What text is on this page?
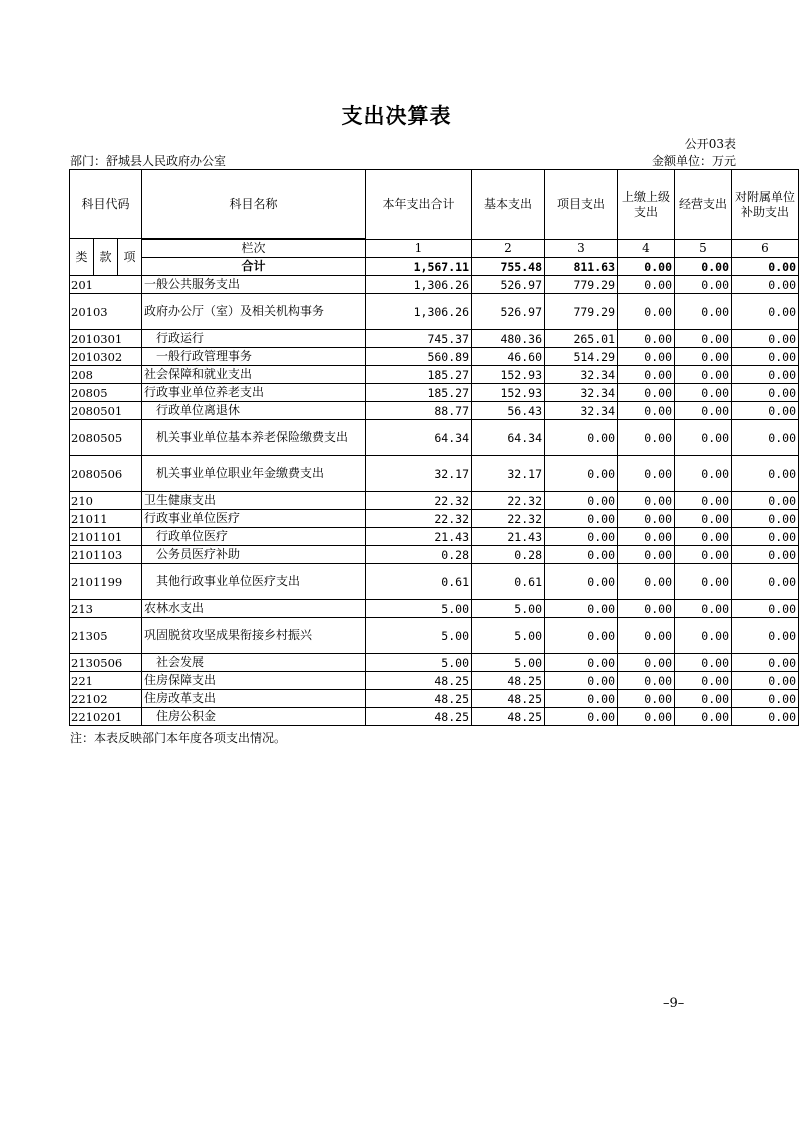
支出决算表
公开03表
部门：舒城县人民政府办公室	金额单位：万元
科目代码			科目名称	本年支出合计	基本支出	项目支出	上缴上级支出	经营支出	对附属单位补助支出
类	款	项							
			栏次	1	2	3	4	5	6
			合计	1,567.11	755.48	811.63	0.00	0.00	0.00
201			一般公共服务支出	1,306.26	526.97	779.29	0.00	0.00	0.00
20103			政府办公厅（室）及相关机构事务	1,306.26	526.97	779.29	0.00	0.00	0.00
2010301			行政运行	745.37	480.36	265.01	0.00	0.00	0.00
2010302			一般行政管理事务	560.89	46.60	514.29	0.00	0.00	0.00
208			社会保障和就业支出	185.27	152.93	32.34	0.00	0.00	0.00
20805			行政事业单位养老支出	185.27	152.93	32.34	0.00	0.00	0.00
2080501			行政单位离退休	88.77	56.43	32.34	0.00	0.00	0.00
2080505			机关事业单位基本养老保险缴费支出	64.34	64.34	0.00	0.00	0.00	0.00
2080506			机关事业单位职业年金缴费支出	32.17	32.17	0.00	0.00	0.00	0.00
210			卫生健康支出	22.32	22.32	0.00	0.00	0.00	0.00
21011			行政事业单位医疗	22.32	22.32	0.00	0.00	0.00	0.00
2101101			行政单位医疗	21.43	21.43	0.00	0.00	0.00	0.00
2101103			公务员医疗补助	0.28	0.28	0.00	0.00	0.00	0.00
2101199			其他行政事业单位医疗支出	0.61	0.61	0.00	0.00	0.00	0.00
213			农林水支出	5.00	5.00	0.00	0.00	0.00	0.00
21305			巩固脱贫攻坚成果衔接乡村振兴	5.00	5.00	0.00	0.00	0.00	0.00
2130506			社会发展	5.00	5.00	0.00	0.00	0.00	0.00
221			住房保障支出	48.25	48.25	0.00	0.00	0.00	0.00
22102			住房改革支出	48.25	48.25	0.00	0.00	0.00	0.00
2210201			住房公积金	48.25	48.25	0.00	0.00	0.00	0.00
注：本表反映部门本年度各项支出情况。
–9–
